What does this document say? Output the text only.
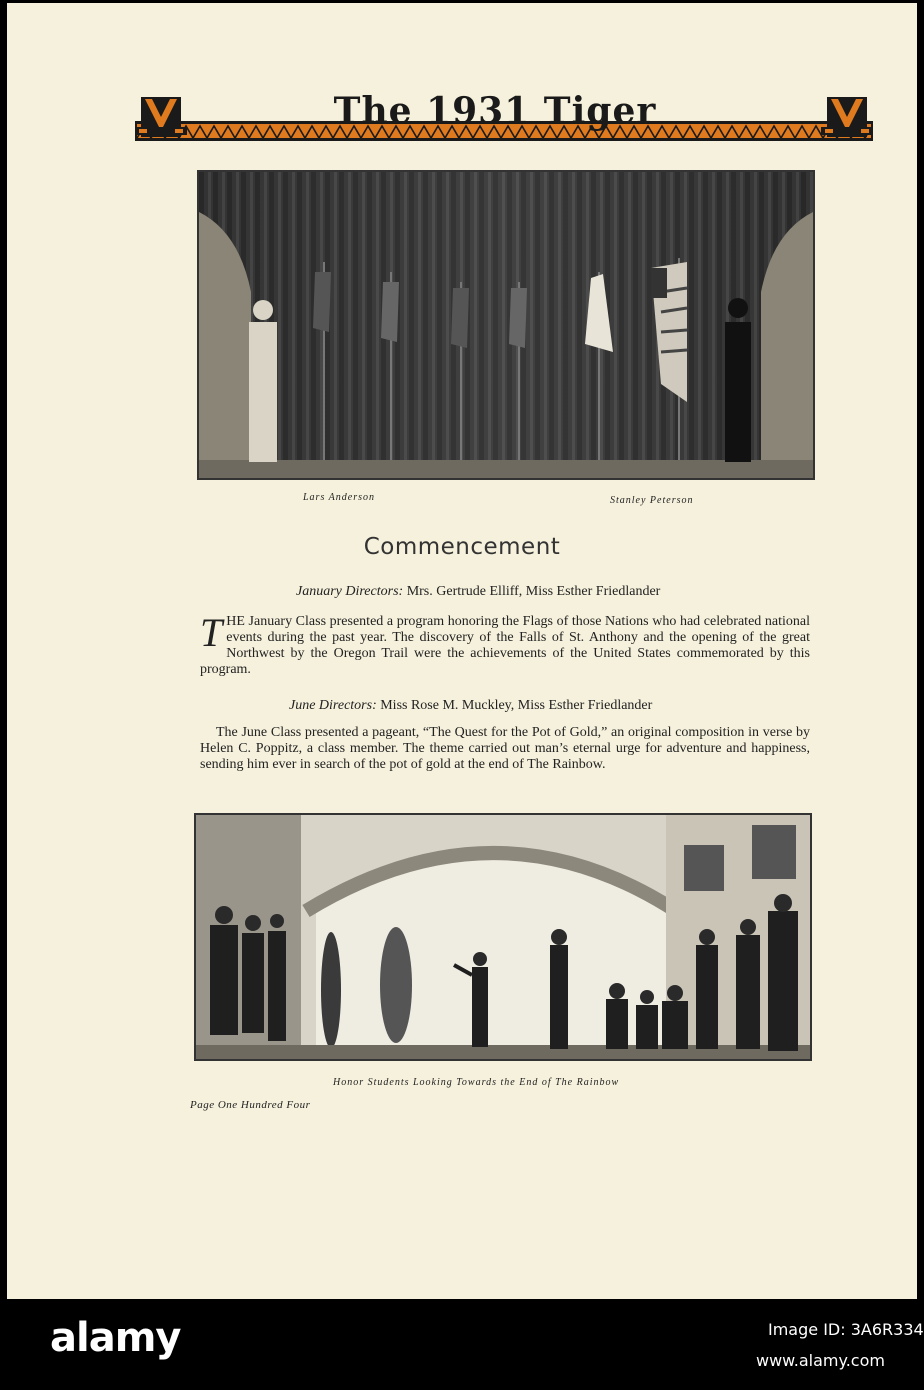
The 1931 Tiger
Lars Anderson	Stanley Peterson
Commencement
January Directors: Mrs. Gertrude Elliff, Miss Esther Friedlander
T HE January Class presented a program honoring the Flags of those Nations who had celebrated national events during the past year. The discovery of the Falls of St. Anthony and the opening of the great Northwest by the Oregon Trail were the achievements of the United States commemorated by this program.
June Directors: Miss Rose M. Muckley, Miss Esther Friedlander
The June Class presented a pageant, “The Quest for the Pot of Gold,” an original composition in verse by Helen C. Poppitz, a class member. The theme carried out man’s eternal urge for adventure and happiness, sending him ever in search of the pot of gold at the end of The Rainbow.
Honor Students Looking Towards the End of The Rainbow
Page One Hundred Four
alamy	Image ID: 3A6R334
www.alamy.com
